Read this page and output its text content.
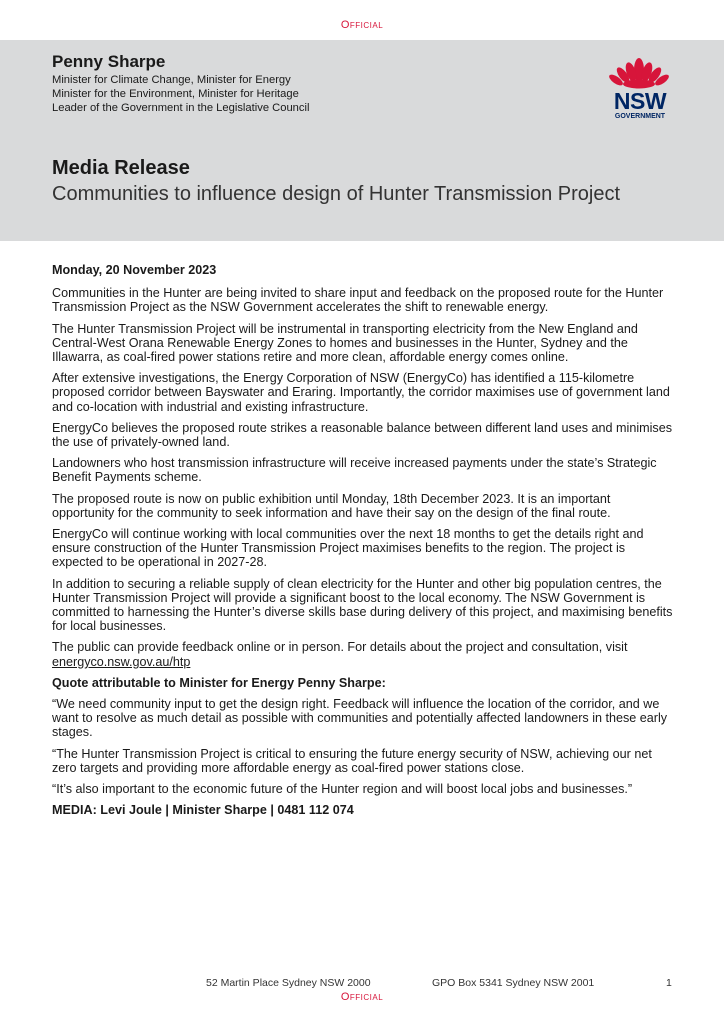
Official
Penny Sharpe
Minister for Climate Change, Minister for Energy
Minister for the Environment, Minister for Heritage
Leader of the Government in the Legislative Council	NSW
GOVERNMENT
Media Release
Communities to influence design of Hunter Transmission Project

Monday, 20 November 2023

Communities in the Hunter are being invited to share input and feedback on the proposed route for the Hunter Transmission Project as the NSW Government accelerates the shift to renewable energy.

The Hunter Transmission Project will be instrumental in transporting electricity from the New England and Central-West Orana Renewable Energy Zones to homes and businesses in the Hunter, Sydney and the Illawarra, as coal-fired power stations retire and more clean, affordable energy comes online.

After extensive investigations, the Energy Corporation of NSW (EnergyCo) has identified a 115-kilometre proposed corridor between Bayswater and Eraring. Importantly, the corridor maximises use of government land and co-location with industrial and existing infrastructure.

EnergyCo believes the proposed route strikes a reasonable balance between different land uses and minimises the use of privately-owned land.

Landowners who host transmission infrastructure will receive increased payments under the state’s Strategic Benefit Payments scheme.

The proposed route is now on public exhibition until Monday, 18th December 2023. It is an important opportunity for the community to seek information and have their say on the design of the final route.

EnergyCo will continue working with local communities over the next 18 months to get the details right and ensure construction of the Hunter Transmission Project maximises benefits to the region. The project is expected to be operational in 2027-28.

In addition to securing a reliable supply of clean electricity for the Hunter and other big population centres, the Hunter Transmission Project will provide a significant boost to the local economy. The NSW Government is committed to harnessing the Hunter’s diverse skills base during delivery of this project, and maximising benefits for local businesses.

The public can provide feedback online or in person. For details about the project and consultation, visit energyco.nsw.gov.au/htp

Quote attributable to Minister for Energy Penny Sharpe:

“We need community input to get the design right. Feedback will influence the location of the corridor, and we want to resolve as much detail as possible with communities and potentially affected landowners in these early stages.

“The Hunter Transmission Project is critical to ensuring the future energy security of NSW, achieving our net zero targets and providing more affordable energy as coal-fired power stations close.

“It’s also important to the economic future of the Hunter region and will boost local jobs and businesses.”

MEDIA: Levi Joule | Minister Sharpe | 0481 112 074

52 Martin Place Sydney NSW 2000	GPO Box 5341 Sydney NSW 2001	1
Official
